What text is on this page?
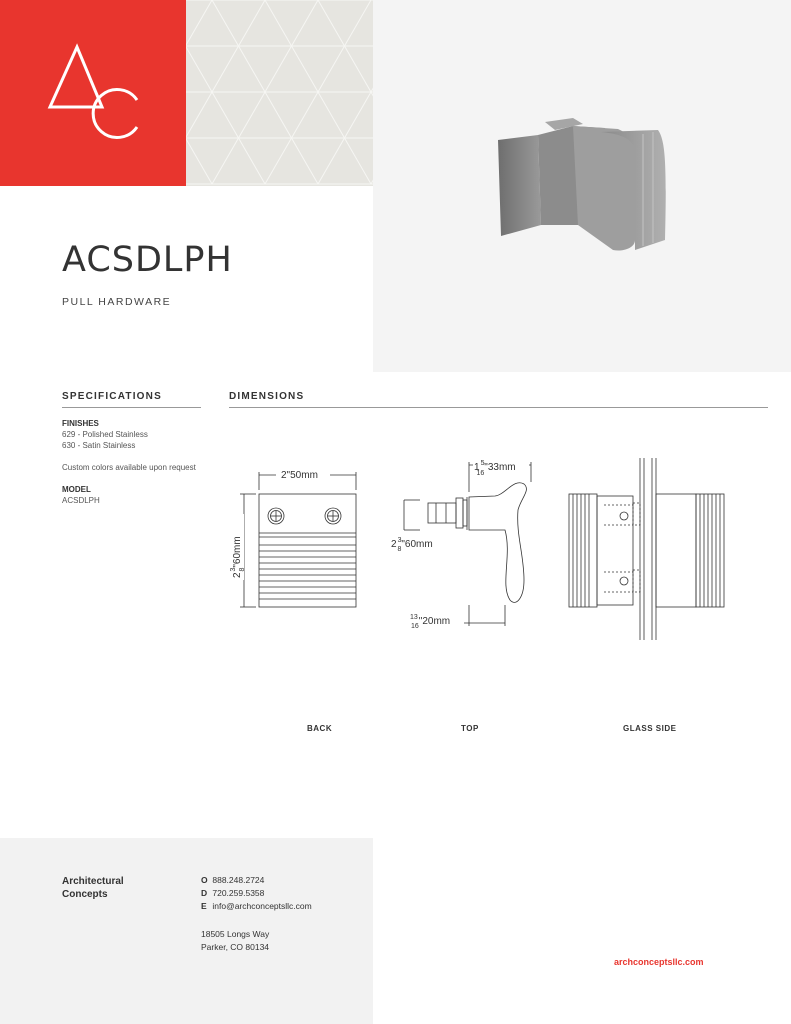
ACSDLPH
PULL HARDWARE
SPECIFICATIONS	DIMENSIONS
FINISHES
629 - Polished Stainless
630 - Satin Stainless
Custom colors available upon request
MODEL
ACSDLPH
2"50mm
$2^3$ 8"60mm
$1^5$ 16"33mm
$2^3$ 8"60mm
13 16"20mm
BACK	TOP	GLASS SIDE
Architectural
Concepts
O 888.248.2724
D 720.259.5358
E info@archconceptsllc.com
18505 Longs Way
Parker, CO 80134
archconceptsllc.com
